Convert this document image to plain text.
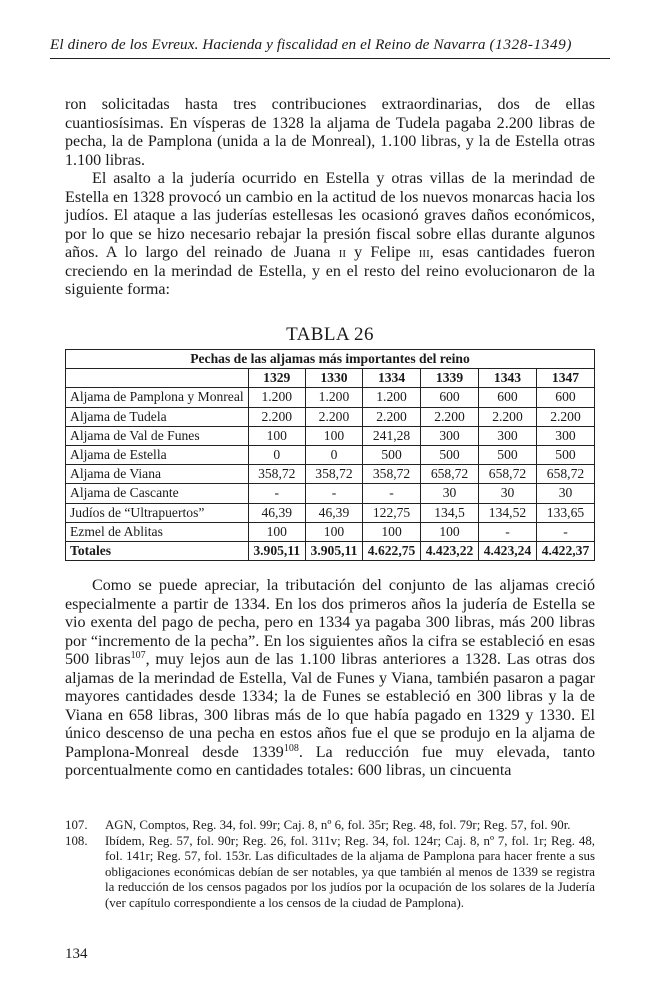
El dinero de los Evreux. Hacienda y fiscalidad en el Reino de Navarra (1328-1349)

ron solicitadas hasta tres contribuciones extraordinarias, dos de ellas cuantiosísimas. En vísperas de 1328 la aljama de Tudela pagaba 2.200 libras de pecha, la de Pamplona (unida a la de Monreal), 1.100 libras, y la de Estella otras 1.100 libras.

El asalto a la judería ocurrido en Estella y otras villas de la merindad de Estella en 1328 provocó un cambio en la actitud de los nuevos monarcas hacia los judíos. El ataque a las juderías estellesas les ocasionó graves daños económicos, por lo que se hizo necesario rebajar la presión fiscal sobre ellas durante algunos años. A lo largo del reinado de Juana ii y Felipe iii, esas cantidades fueron creciendo en la merindad de Estella, y en el resto del reino evolucionaron de la siguiente forma:

TABLA 26
Pechas de las aljamas más importantes del reino						
	1329	1330	1334	1339	1343	1347
Aljama de Pamplona y Monreal	1.200	1.200	1.200	600	600	600
Aljama de Tudela	2.200	2.200	2.200	2.200	2.200	2.200
Aljama de Val de Funes	100	100	241,28	300	300	300
Aljama de Estella	0	0	500	500	500	500
Aljama de Viana	358,72	358,72	358,72	658,72	658,72	658,72
Aljama de Cascante	-	-	-	30	30	30
Judíos de “Ultrapuertos”	46,39	46,39	122,75	134,5	134,52	133,65
Ezmel de Ablitas	100	100	100	100	-	-
Totales	3.905,11	3.905,11	4.622,75	4.423,22	4.423,24	4.422,37

Como se puede apreciar, la tributación del conjunto de las aljamas creció especialmente a partir de 1334. En los dos primeros años la judería de Estella se vio exenta del pago de pecha, pero en 1334 ya pagaba 300 libras, más 200 libras por “incremento de la pecha”. En los siguientes años la cifra se estableció en esas 500 libras$^{107}$, muy lejos aun de las 1.100 libras anteriores a 1328. Las otras dos aljamas de la merindad de Estella, Val de Funes y Viana, también pasaron a pagar mayores cantidades desde 1334; la de Funes se estableció en 300 libras y la de Viana en 658 libras, 300 libras más de lo que había pagado en 1329 y 1330. El único descenso de una pecha en estos años fue el que se produjo en la aljama de Pamplona-Monreal desde 1339$^{108}$. La reducción fue muy elevada, tanto porcentualmente como en cantidades totales: 600 libras, un cincuenta

107. AGN, Comptos, Reg. 34, fol. 99r; Caj. 8, nº 6, fol. 35r; Reg. 48, fol. 79r; Reg. 57, fol. 90r.
108. Ibídem, Reg. 57, fol. 90r; Reg. 26, fol. 311v; Reg. 34, fol. 124r; Caj. 8, nº 7, fol. 1r; Reg. 48, fol. 141r; Reg. 57, fol. 153r. Las dificultades de la aljama de Pamplona para hacer frente a sus obligaciones económicas debían de ser notables, ya que también al menos de 1339 se registra la reducción de los censos pagados por los judíos por la ocupación de los solares de la Judería (ver capítulo correspondiente a los censos de la ciudad de Pamplona).
134
